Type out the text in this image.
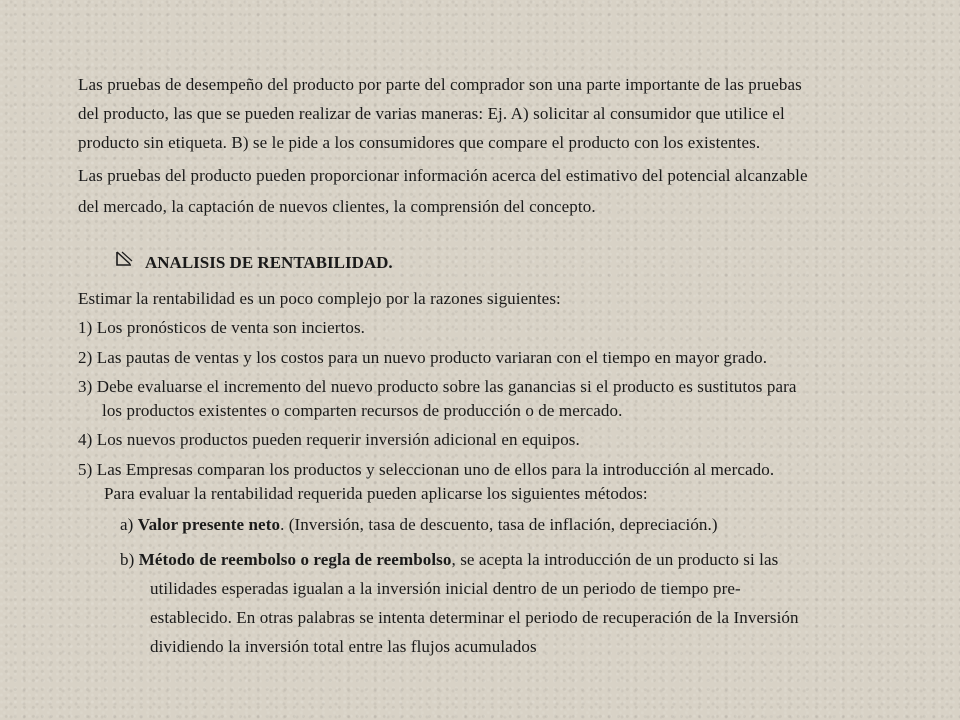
Las pruebas de desempeño del producto por parte del comprador son una parte importante de las pruebas
del producto, las que se pueden realizar de varias maneras: Ej. A) solicitar al consumidor que utilice el
producto sin etiqueta. B) se le pide a los consumidores que compare el producto con los existentes.
Las pruebas del producto pueden proporcionar información acerca del estimativo del potencial alcanzable
del mercado, la captación de nuevos clientes, la comprensión del concepto.
ANALISIS DE RENTABILIDAD.
Estimar la rentabilidad es un poco complejo por la razones siguientes:
1) Los pronósticos de venta son inciertos.
2) Las pautas de ventas y los costos para un nuevo producto variaran con el tiempo en mayor grado.
3) Debe evaluarse el incremento del nuevo producto sobre las ganancias si el producto es sustitutos para
los productos existentes o comparten recursos de producción o de mercado.
4) Los nuevos productos pueden requerir inversión adicional en equipos.
5) Las Empresas comparan los productos y seleccionan uno de ellos para la introducción al mercado.
Para evaluar la rentabilidad requerida pueden aplicarse los siguientes métodos:
a) Valor presente neto. (Inversión, tasa de descuento, tasa de inflación, depreciación.)
b) Método de reembolso o regla de reembolso, se acepta la introducción de un producto si las
utilidades esperadas igualan a la inversión inicial dentro de un periodo de tiempo pre-
establecido. En otras palabras se intenta determinar el periodo de recuperación de la Inversión
dividiendo la inversión total entre las flujos acumulados
